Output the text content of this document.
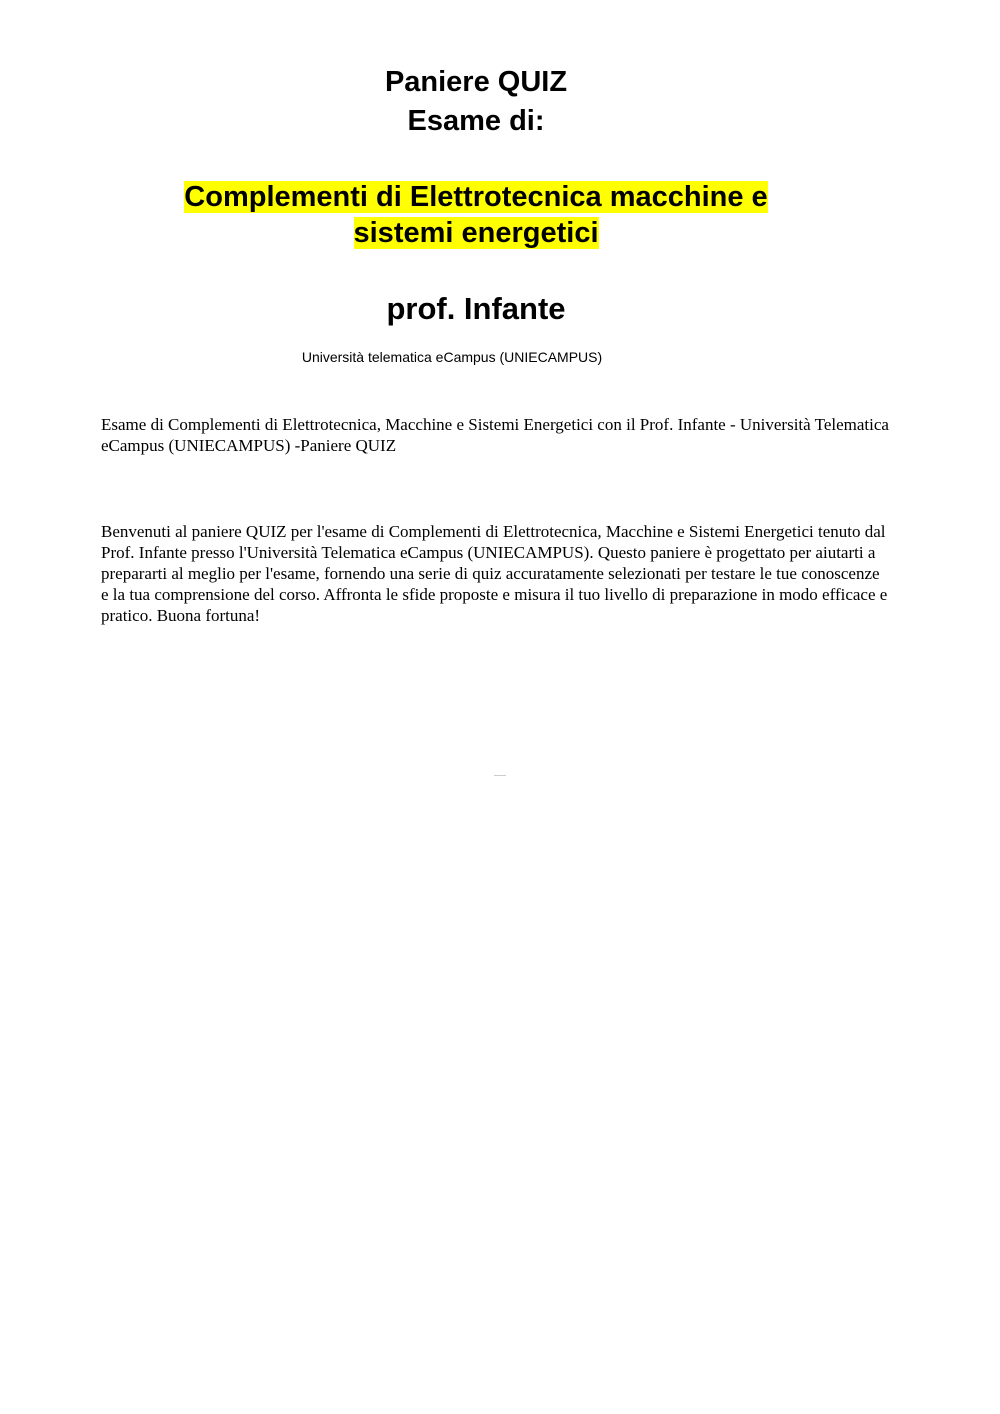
Paniere QUIZ
Esame di:
Complementi di Elettrotecnica macchine e
sistemi energetici
prof. Infante
Università telematica eCampus (UNIECAMPUS)

Esame di Complementi di Elettrotecnica, Macchine e Sistemi Energetici con il Prof. Infante - Università Telematica eCampus (UNIECAMPUS) -Paniere QUIZ

Benvenuti al paniere QUIZ per l'esame di Complementi di Elettrotecnica, Macchine e Sistemi Energetici tenuto dal Prof. Infante presso l'Università Telematica eCampus (UNIECAMPUS). Questo paniere è progettato per aiutarti a prepararti al meglio per l'esame, fornendo una serie di quiz accuratamente selezionati per testare le tue conoscenze e la tua comprensione del corso. Affronta le sfide proposte e misura il tuo livello di preparazione in modo efficace e pratico. Buona fortuna!
